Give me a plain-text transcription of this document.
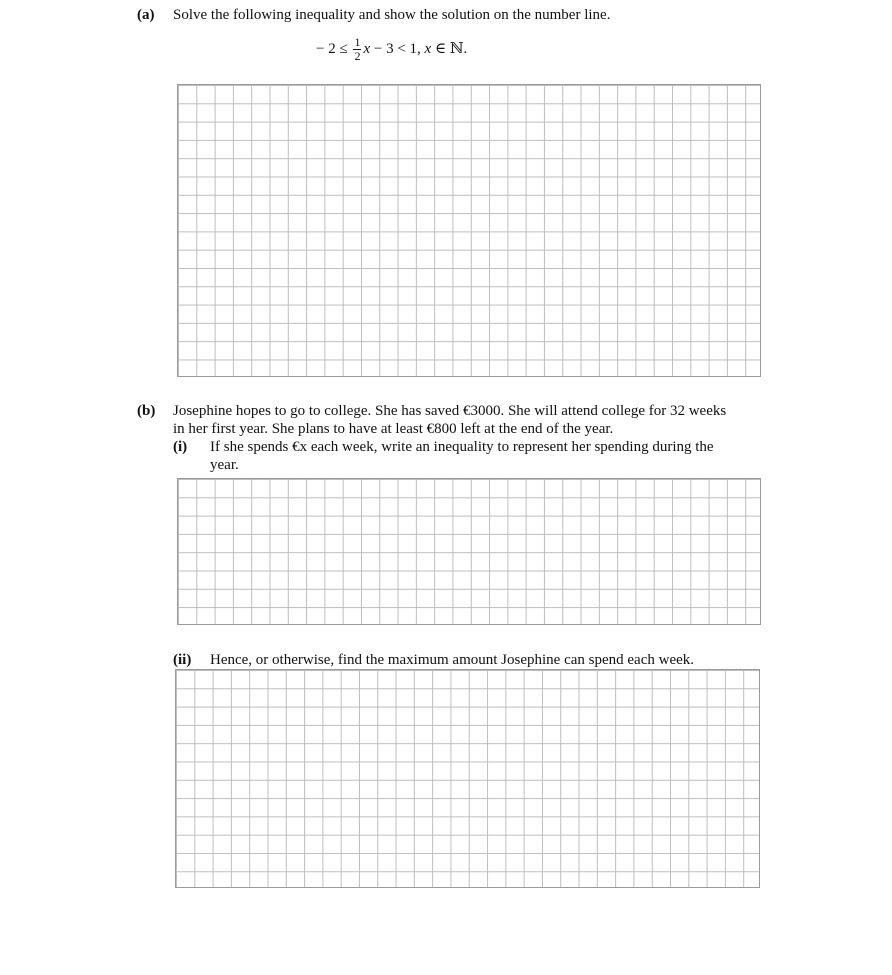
(a) Solve the following inequality and show the solution on the number line.
− $2 \le \frac{1}{2}$ x − 3 < 1, x ∈ ℕ.
(b) Josephine hopes to go to college. She has saved €3000. She will attend college for 32 weeks
in her first year. She plans to have at least €800 left at the end of the year.
(i) If she spends €x each week, write an inequality to represent her spending during the
year.
(ii) Hence, or otherwise, find the maximum amount Josephine can spend each week.
